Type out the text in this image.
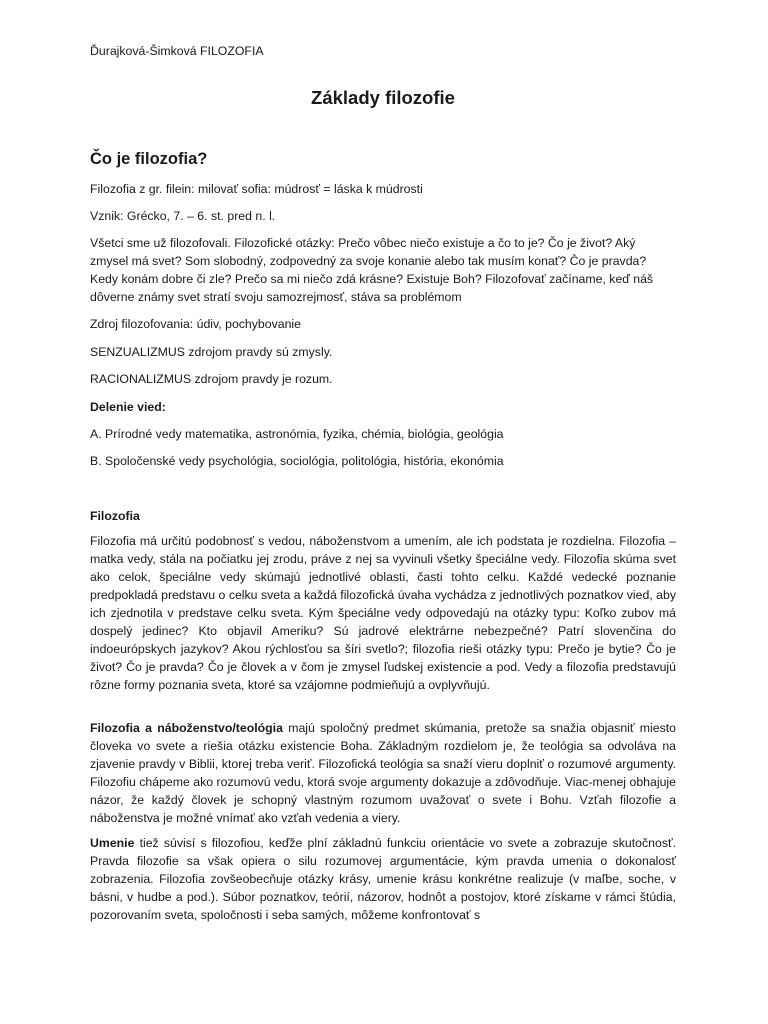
Ďurajková-Šimková FILOZOFIA
Základy filozofie
Čo je filozofia?

Filozofia z gr. filein: milovať sofia: múdrosť = láska k múdrosti

Vznik: Grécko, 7. – 6. st. pred n. l.

Všetci sme už filozofovali. Filozofické otázky: Prečo vôbec niečo existuje a čo to je? Čo je život? Aký zmysel má svet? Som slobodný, zodpovedný za svoje konanie alebo tak musím konať? Čo je pravda? Kedy konám dobre či zle? Prečo sa mi niečo zdá krásne? Existuje Boh? Filozofovať začíname, keď náš dôverne známy svet stratí svoju samozrejmosť, stáva sa problémom

Zdroj filozofovania: údiv, pochybovanie

SENZUALIZMUS zdrojom pravdy sú zmysly.

RACIONALIZMUS zdrojom pravdy je rozum.

Delenie vied:

A. Prírodné vedy matematika, astronómia, fyzika, chémia, biológia, geológia

B. Spoločenské vedy psychológia, sociológia, politológia, história, ekonómia

Filozofia

Filozofia má určitú podobnosť s vedou, náboženstvom a umením, ale ich podstata je rozdielna. Filozofia – matka vedy, stála na počiatku jej zrodu, práve z nej sa vyvinuli všetky špeciálne vedy. Filozofia skúma svet ako celok, špeciálne vedy skúmajú jednotlivé oblasti, časti tohto celku. Každé vedecké poznanie predpokladá predstavu o celku sveta a každá filozofická úvaha vychádza z jednotlivých poznatkov vied, aby ich zjednotila v predstave celku sveta. Kým špeciálne vedy odpovedajú na otázky typu: Koľko zubov má dospelý jedinec? Kto objavil Ameriku? Sú jadrové elektrárne nebezpečné? Patrí slovenčina do indoeurópskych jazykov? Akou rýchlosťou sa šíri svetlo?; filozofia rieši otázky typu: Prečo je bytie? Čo je život? Čo je pravda? Čo je človek a v čom je zmysel ľudskej existencie a pod. Vedy a filozofia predstavujú rôzne formy poznania sveta, ktoré sa vzájomne podmieňujú a ovplyvňujú.

Filozofia a náboženstvo/teológia majú spoločný predmet skúmania, pretože sa snažia objasniť miesto človeka vo svete a riešia otázku existencie Boha. Základným rozdielom je, že teológia sa odvoláva na zjavenie pravdy v Biblii, ktorej treba veriť. Filozofická teológia sa snaží vieru doplniť o rozumové argumenty. Filozofiu chápeme ako rozumovú vedu, ktorá svoje argumenty dokazuje a zdôvodňuje. Viac-menej obhajuje názor, že každý človek je schopný vlastným rozumom uvažovať o svete i Bohu. Vzťah filozofie a náboženstva je možné vnímať ako vzťah vedenia a viery.

Umenie tiež súvisí s filozofiou, keďže plní základnú funkciu orientácie vo svete a zobrazuje skutočnosť. Pravda filozofie sa však opiera o silu rozumovej argumentácie, kým pravda umenia o dokonalosť zobrazenia. Filozofia zovšeobecňuje otázky krásy, umenie krásu konkrétne realizuje (v maľbe, soche, v básni, v hudbe a pod.). Súbor poznatkov, teórií, názorov, hodnôt a postojov, ktoré získame v rámci štúdia, pozorovaním sveta, spoločnosti i seba samých, môžeme konfrontovať s
